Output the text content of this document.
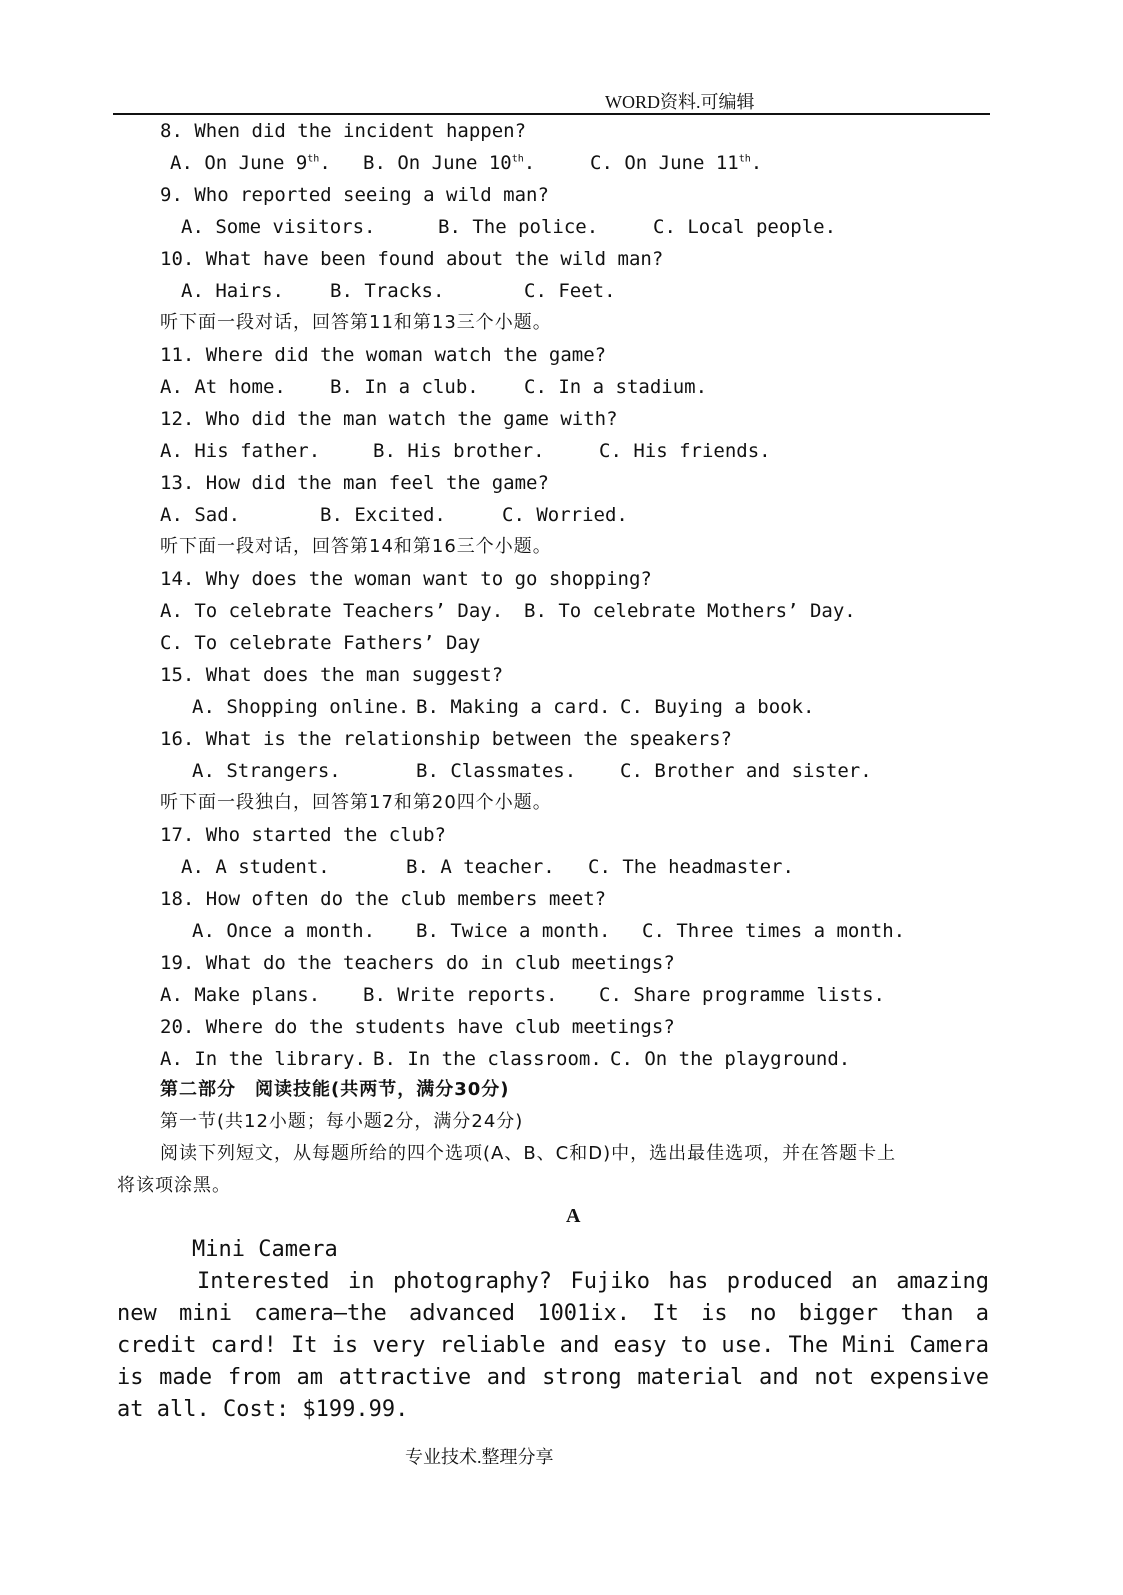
WORD资料.可编辑
8. When did the incident happen?
A. On June 9th. B. On June 10th.	C. On June 11th.
9. Who reported seeing a wild man?
A. Some visitors.	B. The police.	C. Local people.
10. What have been found about the wild man?
A. Hairs. B. Tracks.	C. Feet.
听下面一段对话，回答第11和第13三个小题。
11. Where did the woman watch the game?
A. At home. B. In a club. C. In a stadium.
12. Who did the man watch the game with?
A. His father.	B. His brother.	C. His friends.
13. How did the man feel the game?
A. Sad.	B. Excited.	C. Worried.
听下面一段对话，回答第14和第16三个小题。
14. Why does the woman want to go shopping?
A. To celebrate Teachers’ Day. B. To celebrate Mothers’ Day.
C. To celebrate Fathers’ Day
15. What does the man suggest?
A. Shopping online. B. Making a card. C. Buying a book.
16. What is the relationship between the speakers?
A. Strangers.	B. Classmates. C. Brother and sister.
听下面一段独白，回答第17和第20四个小题。
17. Who started the club?
A. A student.	B. A teacher. C. The headmaster.
18. How often do the club members meet?
A. Once a month. B. Twice a month. C. Three times a month.
19. What do the teachers do in club meetings?
A. Make plans. B. Write reports. C. Share programme lists.
20. Where do the students have club meetings?
A. In the library. B. In the classroom. C. On the playground.
第二部分　阅读技能(共两节，满分30分)
第一节(共12小题；每小题2分，满分24分)
阅读下列短文，从每题所给的四个选项(A、B、C和D)中，选出最佳选项，并在答题卡上
将该项涂黑。
A
Mini Camera
Interested in photography? Fujiko has produced an amazing new mini camera—the advanced 1001ix. It is no bigger than a credit card! It is very reliable and easy to use. The Mini Camera is made from am attractive and strong material and not expensive at all. Cost: $199.99.
专业技术.整理分享
